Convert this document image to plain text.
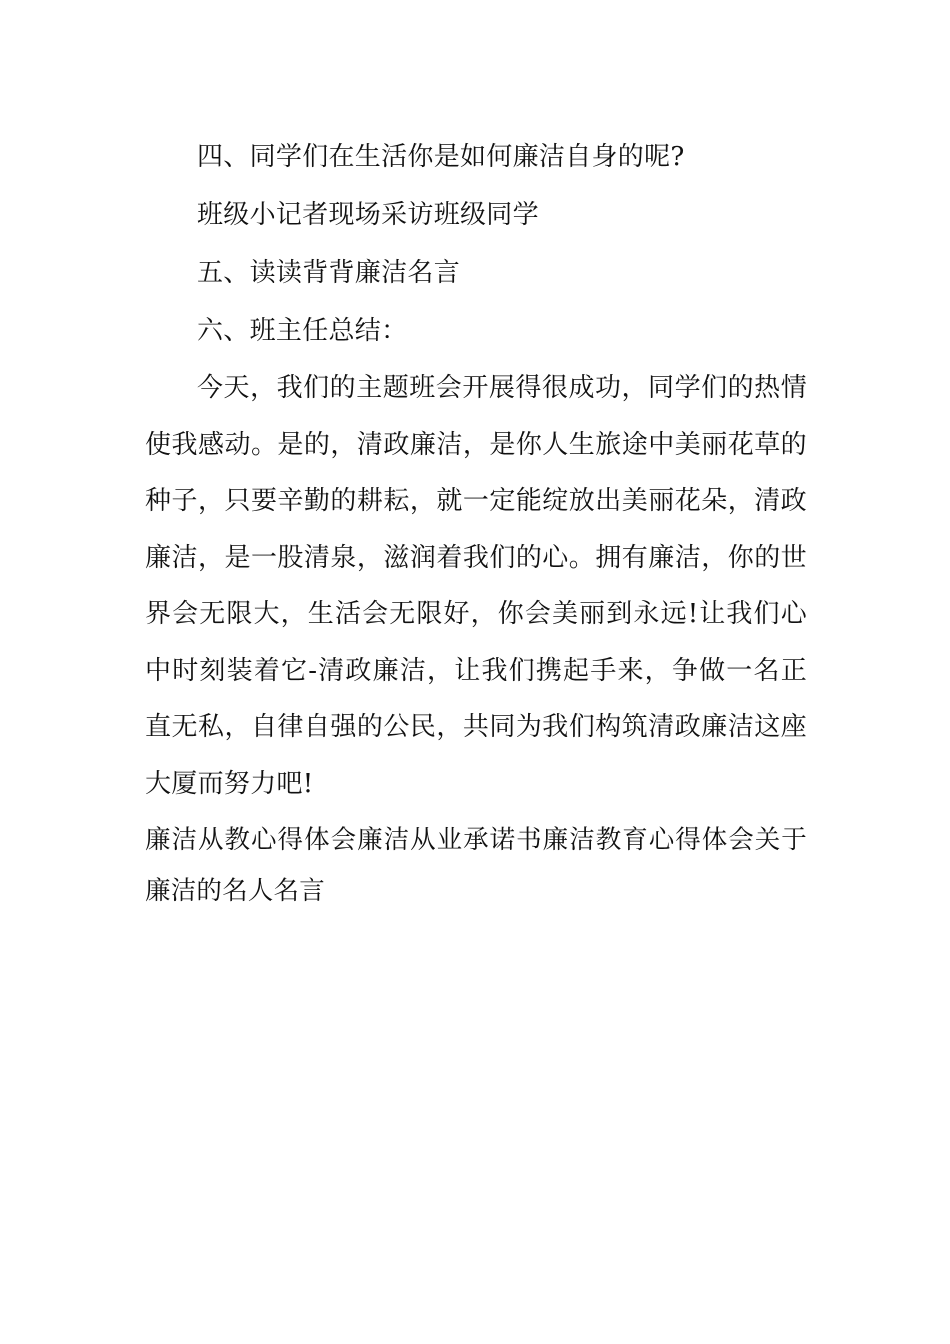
四、同学们在生活你是如何廉洁自身的呢?
班级小记者现场采访班级同学
五、读读背背廉洁名言
六、班主任总结：

今天，我们的主题班会开展得很成功，同学们的热情使我感动。是的，清政廉洁，是你人生旅途中美丽花草的种子，只要辛勤的耕耘，就一定能绽放出美丽花朵，清政廉洁，是一股清泉，滋润着我们的心。拥有廉洁，你的世界会无限大，生活会无限好，你会美丽到永远!让我们心中时刻装着它-清政廉洁，让我们携起手来，争做一名正直无私，自律自强的公民，共同为我们构筑清政廉洁这座大厦而努力吧!

廉洁从教心得体会廉洁从业承诺书廉洁教育心得体会关于廉洁的名人名言
